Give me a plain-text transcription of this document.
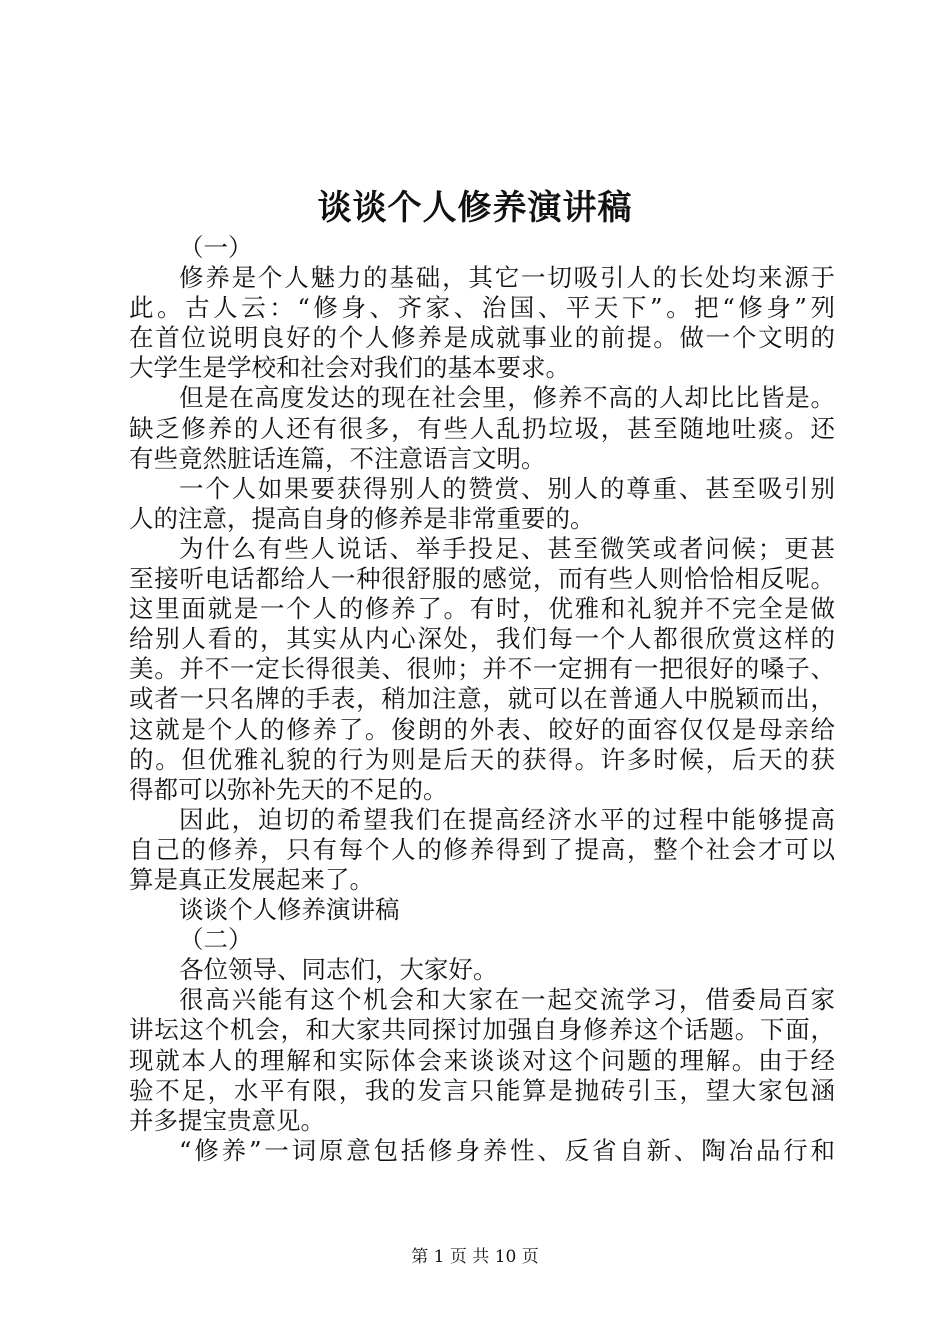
谈谈个人修养演讲稿
（一）
修养是个人魅力的基础，其它一切吸引人的长处均来源于
此。古人云：“修身、齐家、治国、平天下”。把“修身”列
在首位说明良好的个人修养是成就事业的前提。做一个文明的
大学生是学校和社会对我们的基本要求。
但是在高度发达的现在社会里，修养不高的人却比比皆是。
缺乏修养的人还有很多，有些人乱扔垃圾，甚至随地吐痰。还
有些竟然脏话连篇，不注意语言文明。
一个人如果要获得别人的赞赏、别人的尊重、甚至吸引别
人的注意，提高自身的修养是非常重要的。
为什么有些人说话、举手投足、甚至微笑或者问候；更甚
至接听电话都给人一种很舒服的感觉，而有些人则恰恰相反呢。
这里面就是一个人的修养了。有时，优雅和礼貌并不完全是做
给别人看的，其实从内心深处，我们每一个人都很欣赏这样的
美。并不一定长得很美、很帅；并不一定拥有一把很好的嗓子、
或者一只名牌的手表，稍加注意，就可以在普通人中脱颖而出，
这就是个人的修养了。俊朗的外表、皎好的面容仅仅是母亲给
的。但优雅礼貌的行为则是后天的获得。许多时候，后天的获
得都可以弥补先天的不足的。
因此，迫切的希望我们在提高经济水平的过程中能够提高
自己的修养，只有每个人的修养得到了提高，整个社会才可以
算是真正发展起来了。
谈谈个人修养演讲稿
（二）
各位领导、同志们，大家好。
很高兴能有这个机会和大家在一起交流学习，借委局百家
讲坛这个机会，和大家共同探讨加强自身修养这个话题。下面，
现就本人的理解和实际体会来谈谈对这个问题的理解。由于经
验不足，水平有限，我的发言只能算是抛砖引玉，望大家包涵
并多提宝贵意见。
“修养”一词原意包括修身养性、反省自新、陶冶品行和
第 1 页 共 10 页
